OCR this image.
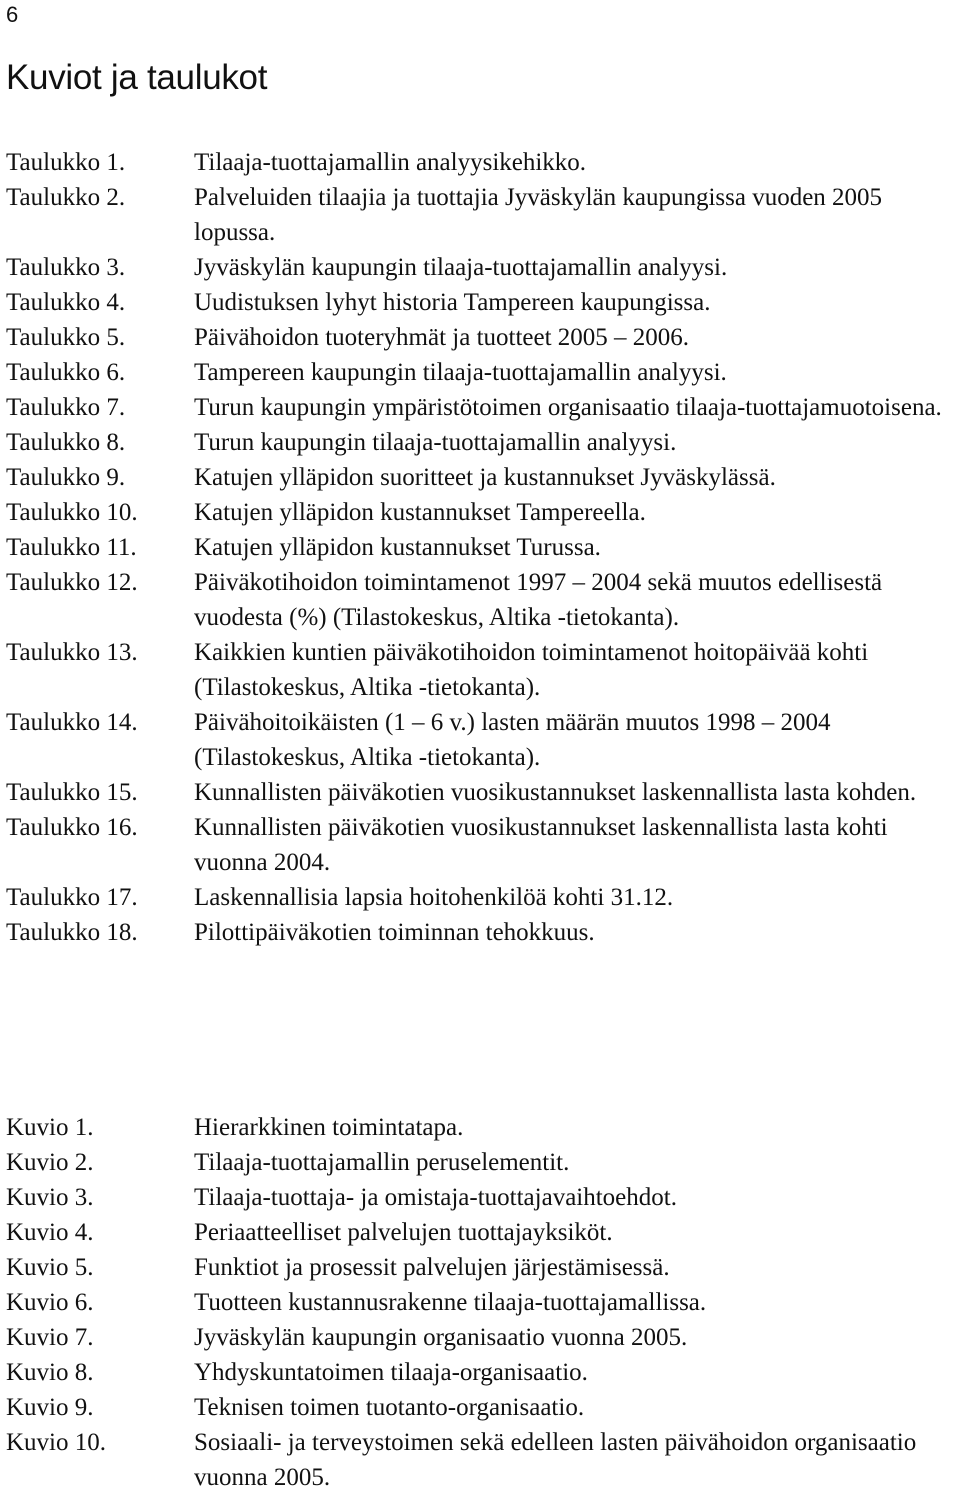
6
Kuviot ja taulukot
Taulukko 1.	Tilaaja-tuottajamallin analyysikehikko.
Taulukko 2.	Palveluiden tilaajia ja tuottajia Jyväskylän kaupungissa vuoden 2005 lopussa.
Taulukko 3.	Jyväskylän kaupungin tilaaja-tuottajamallin analyysi.
Taulukko 4.	Uudistuksen lyhyt historia Tampereen kaupungissa.
Taulukko 5.	Päivähoidon tuoteryhmät ja tuotteet 2005 – 2006.
Taulukko 6.	Tampereen kaupungin tilaaja-tuottajamallin analyysi.
Taulukko 7.	Turun kaupungin ympäristötoimen organisaatio tilaaja-tuottajamuotoisena.
Taulukko 8.	Turun kaupungin tilaaja-tuottajamallin analyysi.
Taulukko 9.	Katujen ylläpidon suoritteet ja kustannukset Jyväskylässä.
Taulukko 10.	Katujen ylläpidon kustannukset Tampereella.
Taulukko 11.	Katujen ylläpidon kustannukset Turussa.
Taulukko 12.	Päiväkotihoidon toimintamenot 1997 – 2004 sekä muutos edellisestä vuodesta (%) (Tilastokeskus, Altika -tietokanta).
Taulukko 13.	Kaikkien kuntien päiväkotihoidon toimintamenot hoitopäivää kohti (Tilastokeskus, Altika -tietokanta).
Taulukko 14.	Päivähoitoikäisten (1 – 6 v.) lasten määrän muutos 1998 – 2004 (Tilastokeskus, Altika -tietokanta).
Taulukko 15.	Kunnallisten päiväkotien vuosikustannukset laskennallista lasta kohden.
Taulukko 16.	Kunnallisten päiväkotien vuosikustannukset laskennallista lasta kohti vuonna 2004.
Taulukko 17.	Laskennallisia lapsia hoitohenkilöä kohti 31.12.
Taulukko 18.	Pilottipäiväkotien toiminnan tehokkuus.
Kuvio 1.	Hierarkkinen toimintatapa.
Kuvio 2.	Tilaaja-tuottajamallin peruselementit.
Kuvio 3.	Tilaaja-tuottaja- ja omistaja-tuottajavaihtoehdot.
Kuvio 4.	Periaatteelliset palvelujen tuottajayksiköt.
Kuvio 5.	Funktiot ja prosessit palvelujen järjestämisessä.
Kuvio 6.	Tuotteen kustannusrakenne tilaaja-tuottajamallissa.
Kuvio 7.	Jyväskylän kaupungin organisaatio vuonna 2005.
Kuvio 8.	Yhdyskuntatoimen tilaaja-organisaatio.
Kuvio 9.	Teknisen toimen tuotanto-organisaatio.
Kuvio 10.	Sosiaali- ja terveystoimen sekä edelleen lasten päivähoidon organisaatio vuonna 2005.
